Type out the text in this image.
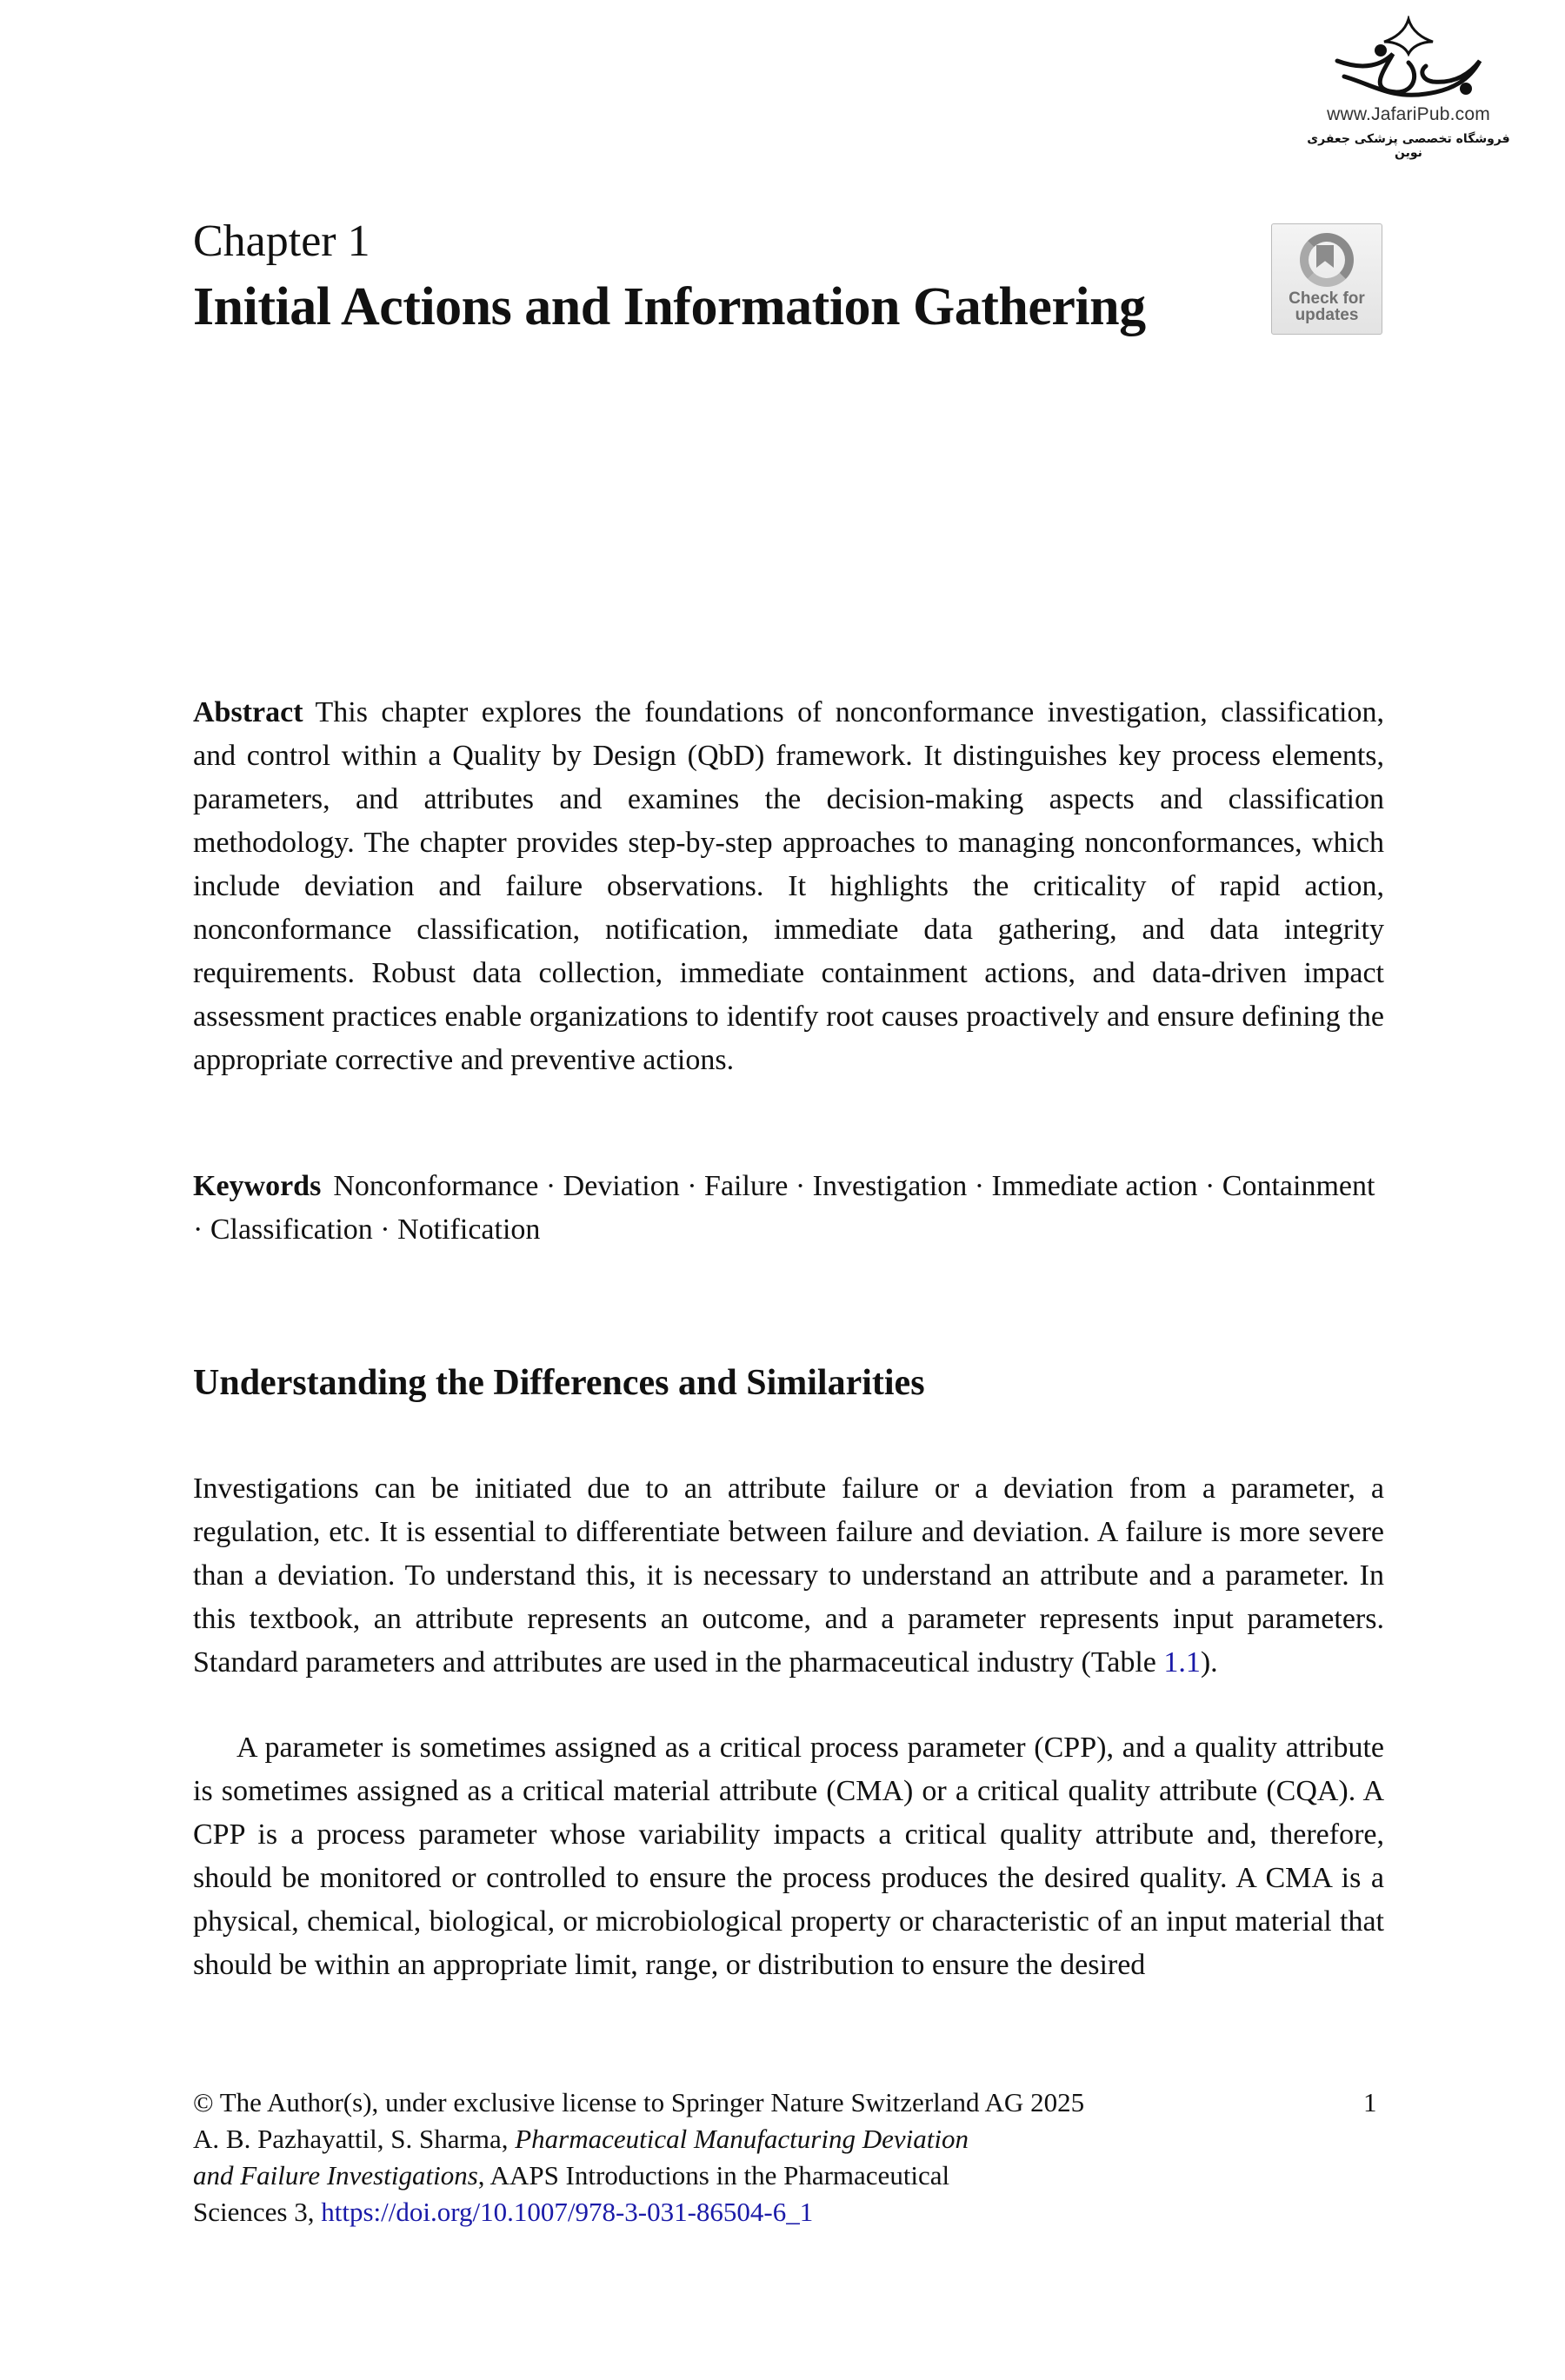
www.JafariPub.com
فروشگاه تخصصی پزشکی جعفری نوین
Chapter 1
Initial Actions and Information Gathering	Check for
updates
Abstract This chapter explores the foundations of nonconformance investigation, classification, and control within a Quality by Design (QbD) framework. It distinguishes key process elements, parameters, and attributes and examines the decision-making aspects and classification methodology. The chapter provides step-by-step approaches to managing nonconformances, which include deviation and failure observations. It highlights the criticality of rapid action, nonconformance classification, notification, immediate data gathering, and data integrity requirements. Robust data collection, immediate containment actions, and data-driven impact assessment practices enable organizations to identify root causes proactively and ensure defining the appropriate corrective and preventive actions.
Keywords Nonconformance · Deviation · Failure · Investigation · Immediate action · Containment · Classification · Notification
Understanding the Differences and Similarities
Investigations can be initiated due to an attribute failure or a deviation from a parameter, a regulation, etc. It is essential to differentiate between failure and deviation. A failure is more severe than a deviation. To understand this, it is necessary to understand an attribute and a parameter. In this textbook, an attribute represents an outcome, and a parameter represents input parameters. Standard parameters and attributes are used in the pharmaceutical industry (Table 1.1).
A parameter is sometimes assigned as a critical process parameter (CPP), and a quality attribute is sometimes assigned as a critical material attribute (CMA) or a critical quality attribute (CQA). A CPP is a process parameter whose variability impacts a critical quality attribute and, therefore, should be monitored or controlled to ensure the process produces the desired quality. A CMA is a physical, chemical, biological, or microbiological property or characteristic of an input material that should be within an appropriate limit, range, or distribution to ensure the desired
© The Author(s), under exclusive license to Springer Nature Switzerland AG 2025
A. B. Pazhayattil, S. Sharma, Pharmaceutical Manufacturing Deviation
and Failure Investigations, AAPS Introductions in the Pharmaceutical
Sciences 3, https://doi.org/10.1007/978-3-031-86504-6_1
1
